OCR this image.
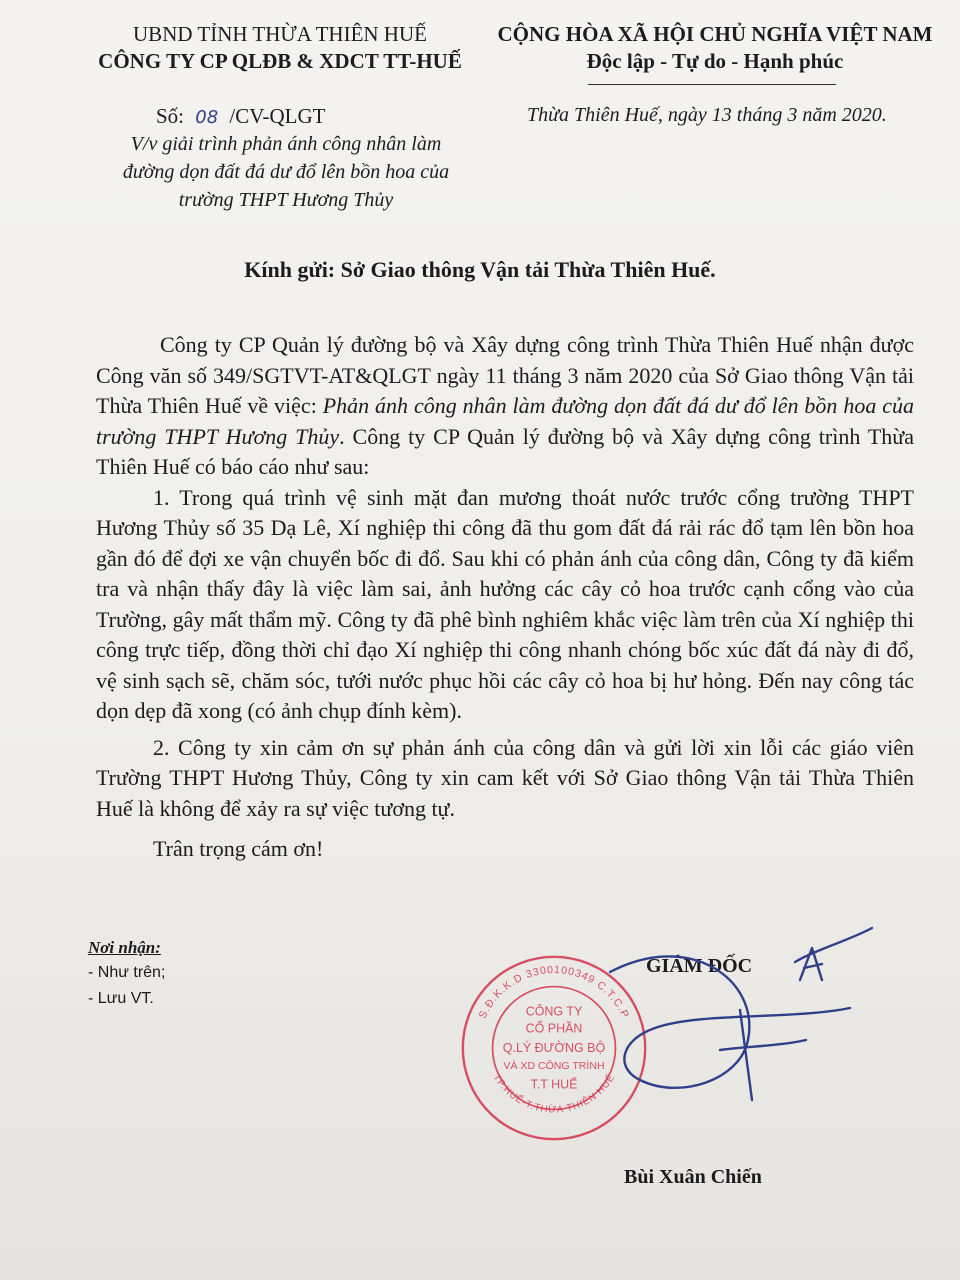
UBND TỈNH THỪA THIÊN HUẾ
CÔNG TY CP QLĐB & XDCT TT-HUẾ
CỘNG HÒA XÃ HỘI CHỦ NGHĨA VIỆT NAM
Độc lập - Tự do - Hạnh phúc
Số: 08 /CV-QLGT
V/v giải trình phản ánh công nhân làm
đường dọn đất đá dư đổ lên bồn hoa của
trường THPT Hương Thủy
Thừa Thiên Huế, ngày 13 tháng 3 năm 2020.
Kính gửi: Sở Giao thông Vận tải Thừa Thiên Huế.

Công ty CP Quản lý đường bộ và Xây dựng công trình Thừa Thiên Huế nhận được Công văn số 349/SGTVT-AT&QLGT ngày 11 tháng 3 năm 2020 của Sở Giao thông Vận tải Thừa Thiên Huế về việc: Phản ánh công nhân làm đường dọn đất đá dư đổ lên bồn hoa của trường THPT Hương Thủy. Công ty CP Quản lý đường bộ và Xây dựng công trình Thừa Thiên Huế có báo cáo như sau:

1. Trong quá trình vệ sinh mặt đan mương thoát nước trước cổng trường THPT Hương Thủy số 35 Dạ Lê, Xí nghiệp thi công đã thu gom đất đá rải rác đổ tạm lên bồn hoa gần đó để đợi xe vận chuyển bốc đi đổ. Sau khi có phản ánh của công dân, Công ty đã kiểm tra và nhận thấy đây là việc làm sai, ảnh hưởng các cây cỏ hoa trước cạnh cổng vào của Trường, gây mất thẩm mỹ. Công ty đã phê bình nghiêm khắc việc làm trên của Xí nghiệp thi công trực tiếp, đồng thời chỉ đạo Xí nghiệp thi công nhanh chóng bốc xúc đất đá này đi đổ, vệ sinh sạch sẽ, chăm sóc, tưới nước phục hồi các cây cỏ hoa bị hư hỏng. Đến nay công tác dọn dẹp đã xong (có ảnh chụp đính kèm).

2. Công ty xin cảm ơn sự phản ánh của công dân và gửi lời xin lỗi các giáo viên Trường THPT Hương Thủy, Công ty xin cam kết với Sở Giao thông Vận tải Thừa Thiên Huế là không để xảy ra sự việc tương tự.

Trân trọng cám ơn!

Nơi nhận:
- Như trên;
- Lưu VT.
S.Đ.K.K.D 3300100349 C.T.C.P
TP.HUẾ-T.THỪA THIÊN HUẾ
CÔNG TY
CỔ PHẦN
Q.LÝ ĐƯỜNG BỘ
VÀ XD CÔNG TRÌNH
T.T HUẾ
GIÁM ĐỐC
Bùi Xuân Chiến
